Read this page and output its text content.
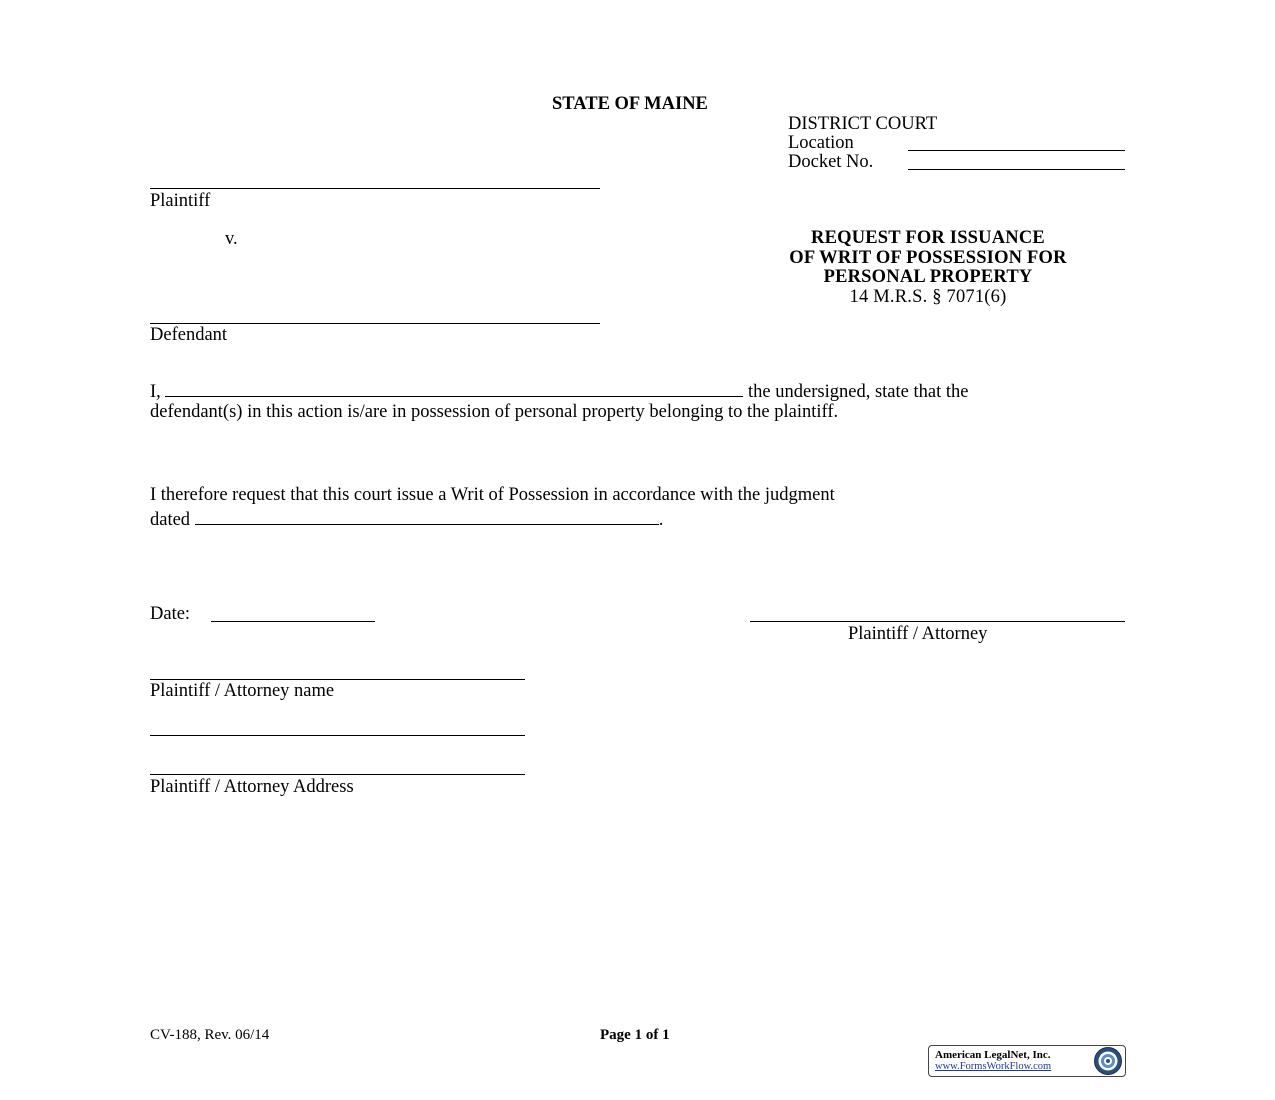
STATE OF MAINE
DISTRICT COURT
Location
Docket No.
Plaintiff
v.	REQUEST FOR ISSUANCE
OF WRIT OF POSSESSION FOR
PERSONAL PROPERTY
14 M.R.S. § 7071(6)
Defendant
I,	the undersigned, state that the
defendant(s) in this action is/are in possession of personal property belonging to the plaintiff.
I therefore request that this court issue a Writ of Possession in accordance with the judgment
dated	.
Date:
Plaintiff / Attorney
Plaintiff / Attorney name
Plaintiff / Attorney Address
CV-188, Rev. 06/14	Page 1 of 1
American LegalNet, Inc.
www.FormsWorkFlow.com
